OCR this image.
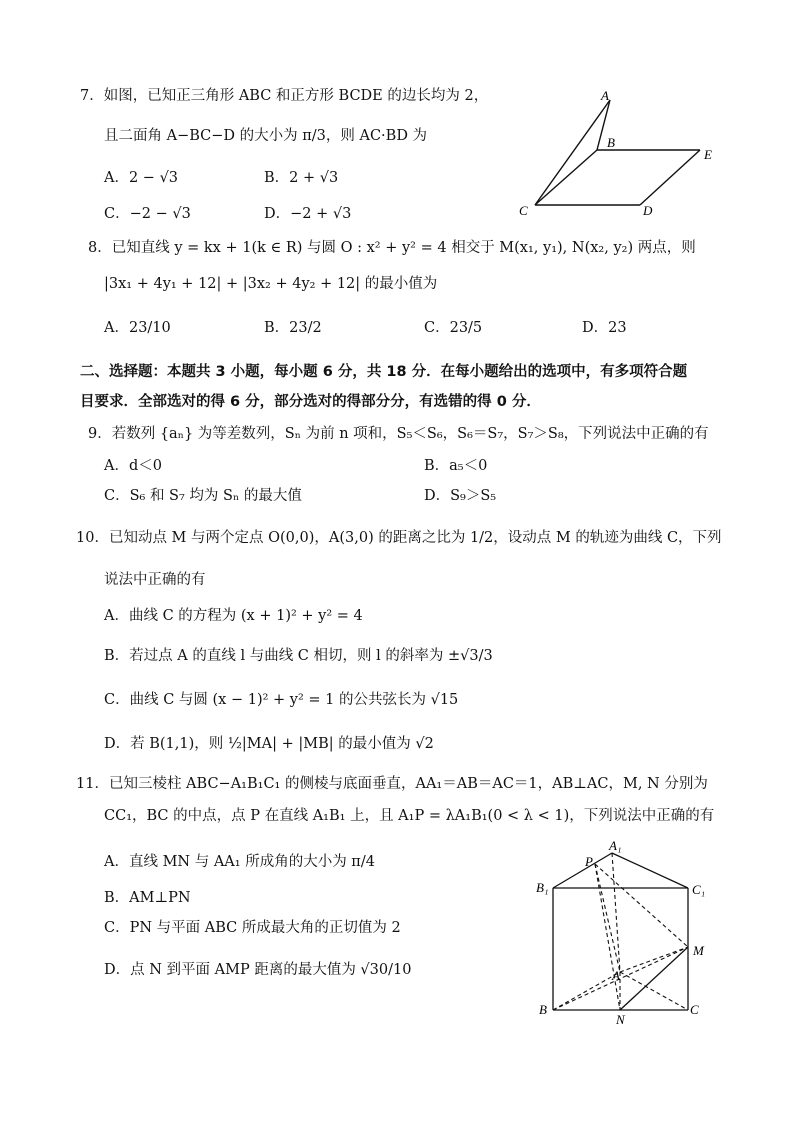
7．如图，已知正三角形 ABC 和正方形 BCDE 的边长均为 2，
且二面角 A−BC−D 的大小为 π/3，则 AC·BD 为
A．2 − √3	B．2 + √3
C．−2 − √3	D．−2 + √3
A
B
C	D
E
8．已知直线 y = kx + 1(k ∈ R) 与圆 O : x² + y² = 4 相交于 M(x₁, y₁), N(x₂, y₂) 两点，则
|3x₁ + 4y₁ + 12| + |3x₂ + 4y₂ + 12| 的最小值为
A．23/10	B．23/2	C．23/5	D．23
二、选择题：本题共 3 小题，每小题 6 分，共 18 分．在每小题给出的选项中，有多项符合题
目要求．全部选对的得 6 分，部分选对的得部分分，有选错的得 0 分．
9．若数列 {aₙ} 为等差数列，Sₙ 为前 n 项和，S₅＜S₆，S₆＝S₇，S₇＞S₈，下列说法中正确的有
A．d＜0	B．a₅＜0
C．S₆ 和 S₇ 均为 Sₙ 的最大值	D．S₉＞S₅
10．已知动点 M 与两个定点 O(0,0)，A(3,0) 的距离之比为 1/2，设动点 M 的轨迹为曲线 C，下列
说法中正确的有
A．曲线 C 的方程为 (x + 1)² + y² = 4
B．若过点 A 的直线 l 与曲线 C 相切，则 l 的斜率为 ±√3/3
C．曲线 C 与圆 (x − 1)² + y² = 1 的公共弦长为 √15
D．若 B(1,1)，则 ½|MA| + |MB| 的最小值为 √2
11．已知三棱柱 ABC−A₁B₁C₁ 的侧棱与底面垂直，AA₁＝AB＝AC＝1，AB⊥AC，M, N 分别为
CC₁，BC 的中点，点 P 在直线 A₁B₁ 上，且 A₁P = λA₁B₁(0 < λ < 1)，下列说法中正确的有
A．直线 MN 与 AA₁ 所成角的大小为 π/4
B．AM⊥PN
C．PN 与平面 ABC 所成最大角的正切值为 2
D．点 N 到平面 AMP 距离的最大值为 √30/10
A₁
P
B₁	C₁
M
A
B
N
C
